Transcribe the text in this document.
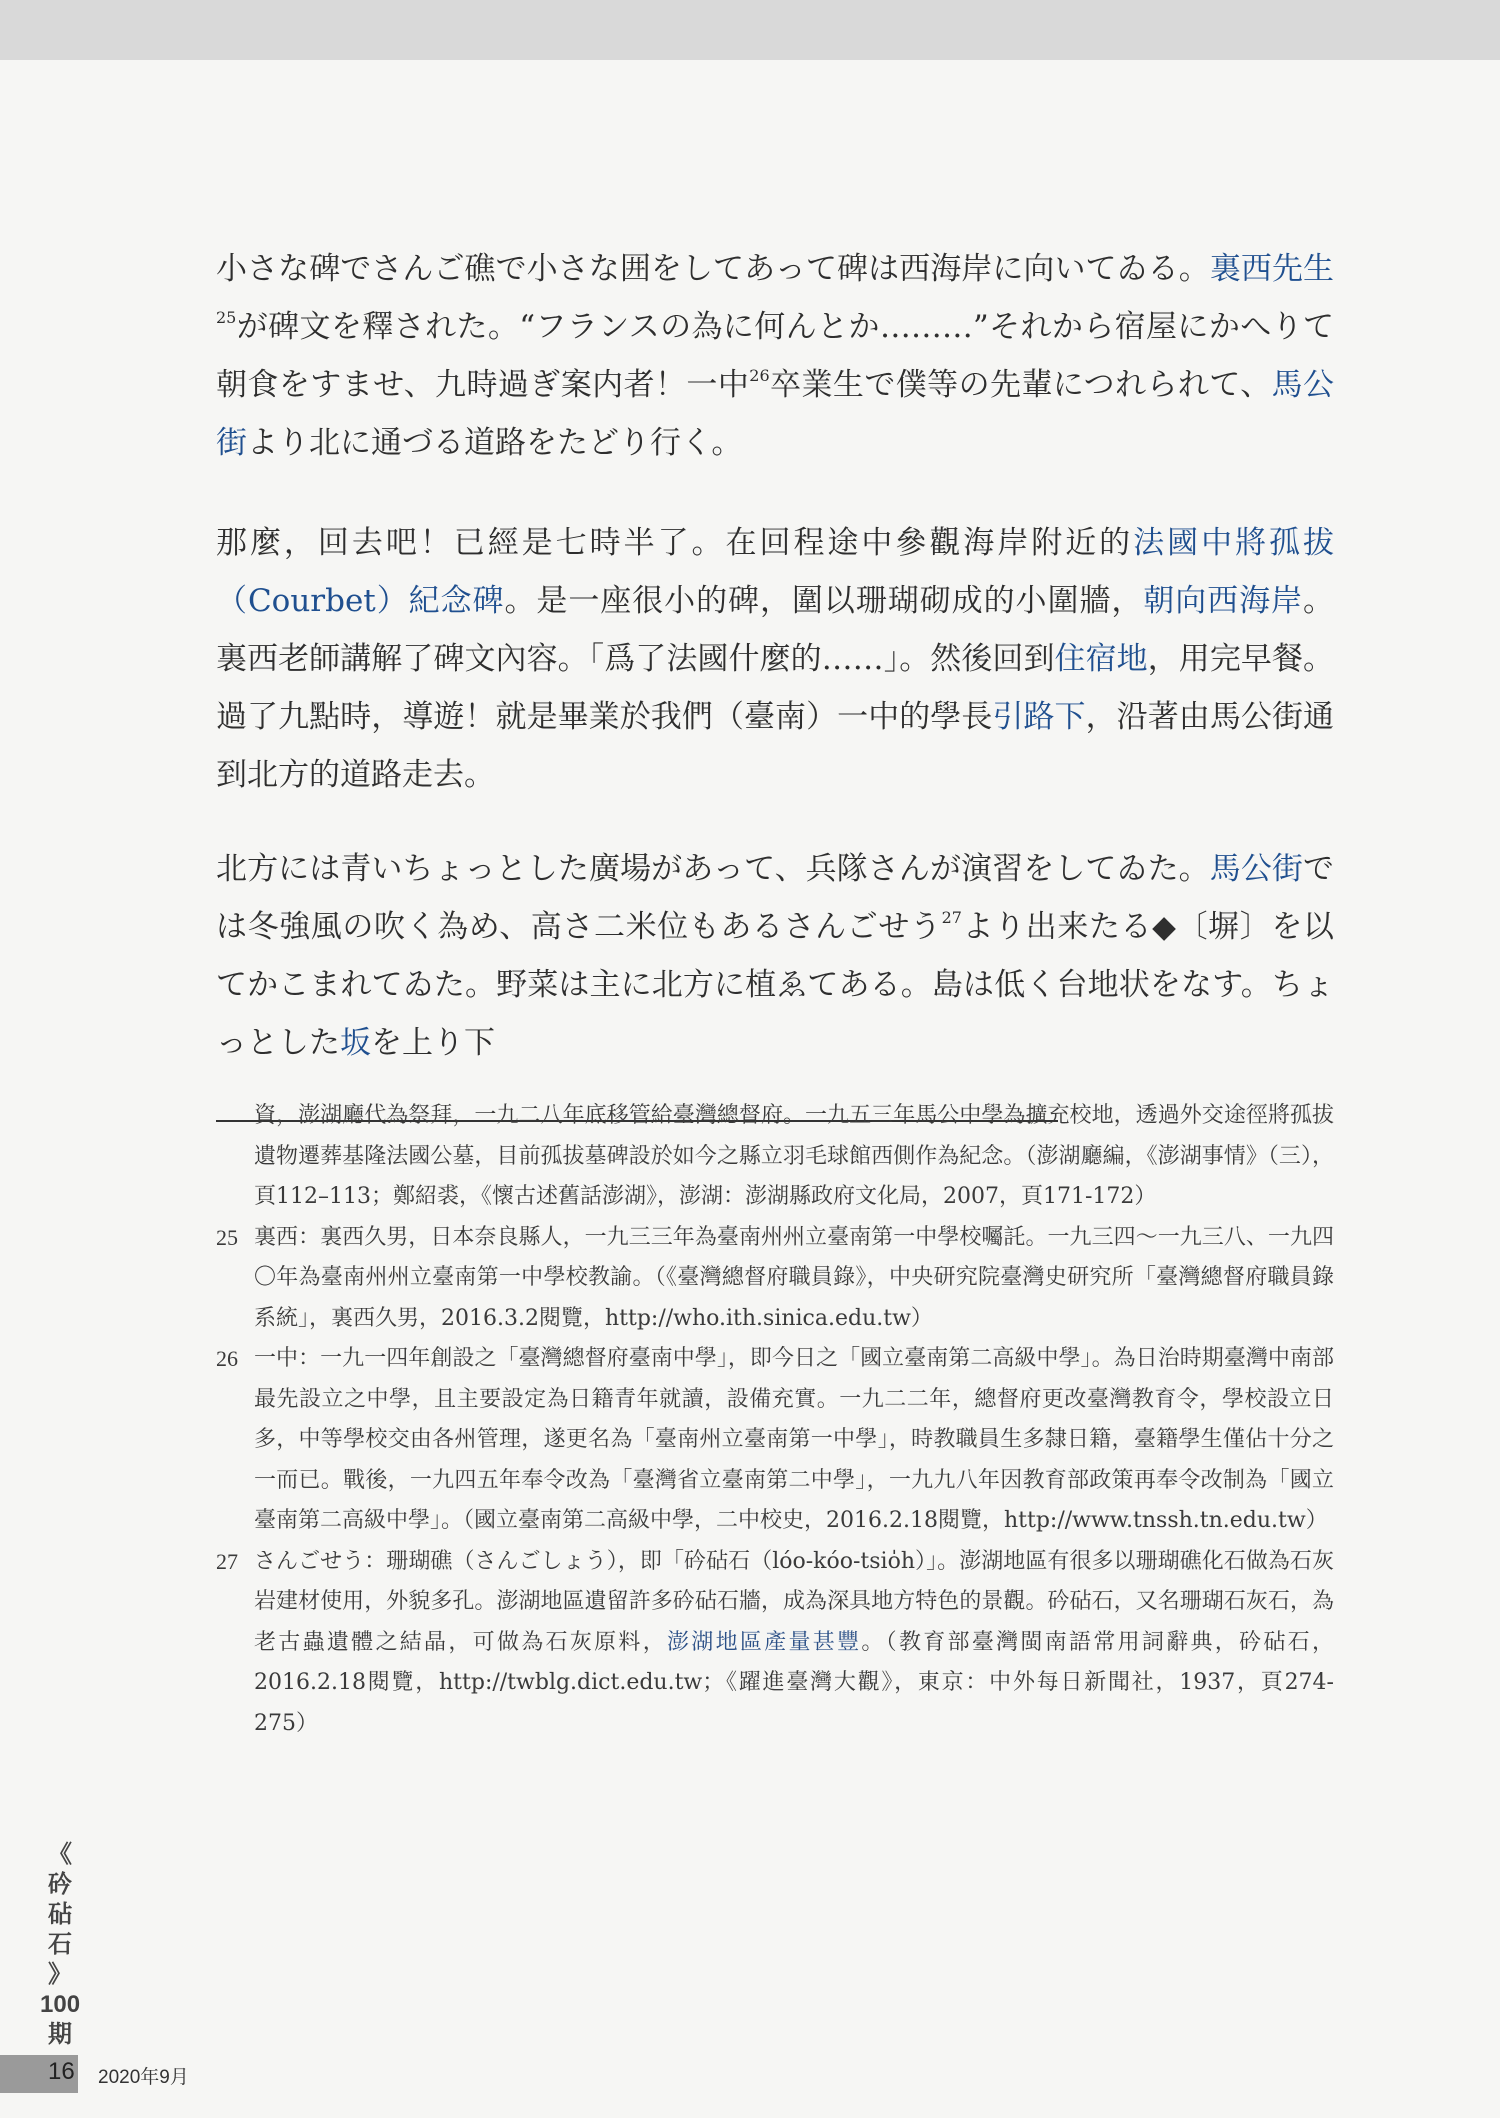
小さな碑でさんご礁で小さな囲をしてあって碑は西海岸に向いてゐる。裏西先生$^{25}$が碑文を釋された。“フランスの為に何んとか………”それから宿屋にかへりて朝食をすませ、九時過ぎ案内者！一中$^{26}$卒業生で僕等の先輩につれられて、馬公街より北に通づる道路をたどり行く。

那麼，回去吧！已經是七時半了。在回程途中參觀海岸附近的法國中將孤拔（Courbet）紀念碑。是一座很小的碑，圍以珊瑚砌成的小圍牆，朝向西海岸。裏西老師講解了碑文內容。「爲了法國什麼的……」。然後回到住宿地，用完早餐。過了九點時，導遊！就是畢業於我們（臺南）一中的學長引路下，沿著由馬公街通到北方的道路走去。

北方には青いちょっとした廣場があって、兵隊さんが演習をしてゐた。馬公街では冬強風の吹く為め、高さ二米位もあるさんごせう$^{27}$より出来たる◆〔塀〕を以てかこまれてゐた。野菜は主に北方に植ゑてある。島は低く台地状をなす。ちょっとした坂を上り下

資，澎湖廳代為祭拜，一九二八年底移管給臺灣總督府。一九五三年馬公中學為擴充校地，透過外交途徑將孤拔遺物遷葬基隆法國公墓，目前孤拔墓碑設於如今之縣立羽毛球館西側作為紀念。（澎湖廳編，《澎湖事情》（三），頁112–113；鄭紹裘，《懷古述舊話澎湖》，澎湖：澎湖縣政府文化局，2007，頁171-172）
25 裏西：裏西久男，日本奈良縣人，一九三三年為臺南州州立臺南第一中學校囑託。一九三四～一九三八、一九四〇年為臺南州州立臺南第一中學校教諭。（《臺灣總督府職員錄》，中央研究院臺灣史研究所「臺灣總督府職員錄系統」，裏西久男，2016.3.2閱覽，http://who.ith.sinica.edu.tw）
26 一中：一九一四年創設之「臺灣總督府臺南中學」，即今日之「國立臺南第二高級中學」。為日治時期臺灣中南部最先設立之中學，且主要設定為日籍青年就讀，設備充實。一九二二年，總督府更改臺灣教育令，學校設立日多，中等學校交由各州管理，遂更名為「臺南州立臺南第一中學」，時教職員生多隸日籍，臺籍學生僅佔十分之一而已。戰後，一九四五年奉令改為「臺灣省立臺南第二中學」，一九九八年因教育部政策再奉令改制為「國立臺南第二高級中學」。（國立臺南第二高級中學，二中校史，2016.2.18閱覽，http://www.tnssh.tn.edu.tw）
27 さんごせう：珊瑚礁（さんごしょう），即「砛砧石（lóo-kóo-tsio̍h）」。澎湖地區有很多以珊瑚礁化石做為石灰岩建材使用，外貌多孔。澎湖地區遺留許多砛砧石牆，成為深具地方特色的景觀。砛砧石，又名珊瑚石灰石，為老古蟲遺體之結晶，可做為石灰原料，澎湖地區產量甚豐。（教育部臺灣閩南語常用詞辭典，砛砧石，2016.2.18閱覽，http://twblg.dict.edu.tw；《躍進臺灣大觀》，東京：中外每日新聞社，1937，頁274-275）
《
砛
砧
石
》
100
期
16 2020年9月
